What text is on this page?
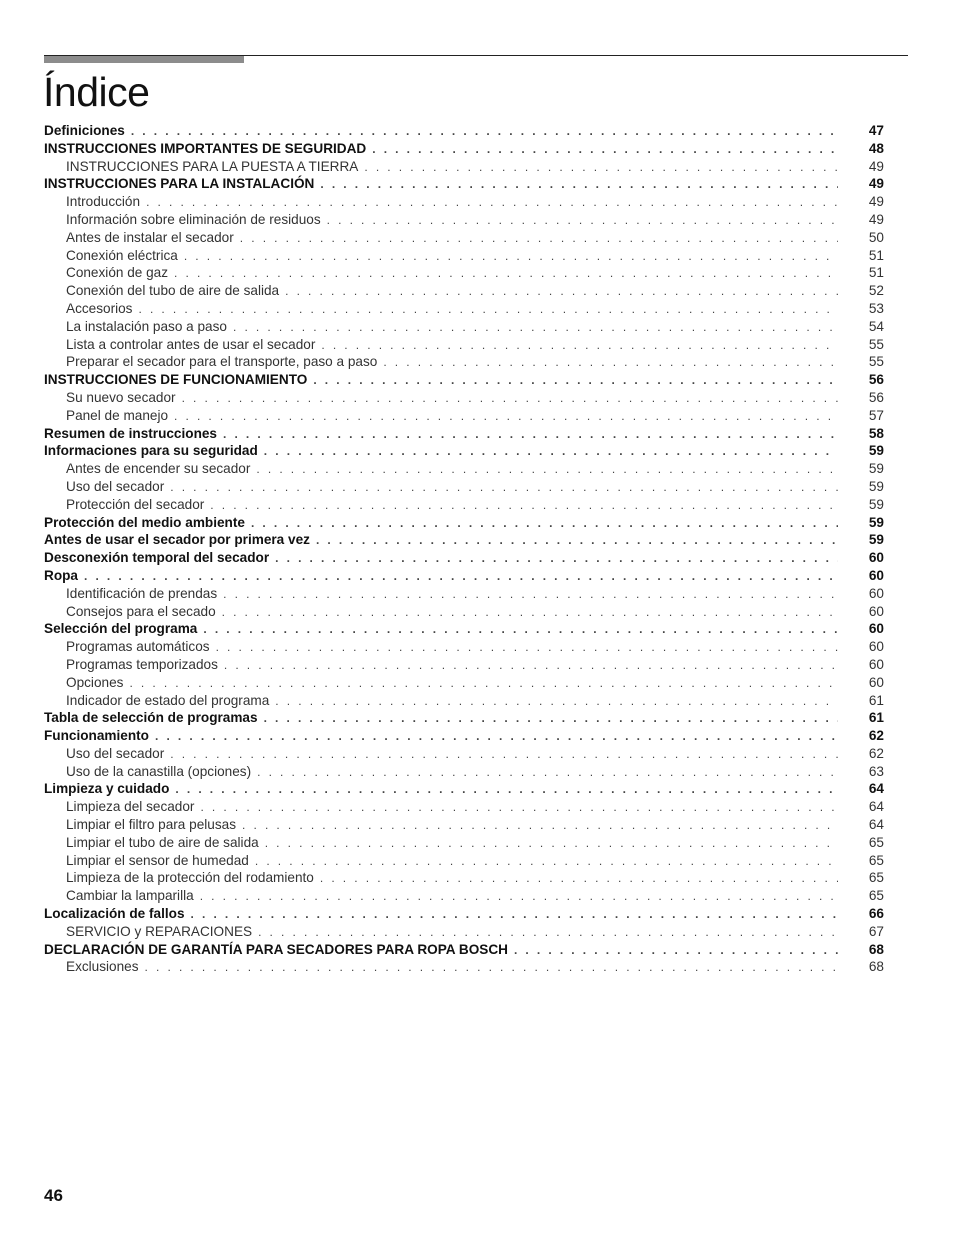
Índice
Definiciones . . .	47
INSTRUCCIONES IMPORTANTES DE SEGURIDAD . . .	48
INSTRUCCIONES PARA LA PUESTA A TIERRA . . .	49
INSTRUCCIONES PARA LA INSTALACIÓN . . .	49
Introducción . . .	49
Información sobre eliminación de residuos . . .	49
Antes de instalar el secador . . .	50
Conexión eléctrica . . .	51
Conexión de gaz . . .	51
Conexión del tubo de aire de salida . . .	52
Accesorios . . .	53
La instalación paso a paso . . .	54
Lista a controlar antes de usar el secador . . .	55
Preparar el secador para el transporte, paso a paso . . .	55
INSTRUCCIONES DE FUNCIONAMIENTO . . .	56
Su nuevo secador . . .	56
Panel de manejo . . .	57
Resumen de instrucciones . . .	58
Informaciones para su seguridad . . .	59
Antes de encender su secador . . .	59
Uso del secador . . .	59
Protección del secador . . .	59
Protección del medio ambiente . . .	59
Antes de usar el secador por primera vez . . .	59
Desconexión temporal del secador . . .	60
Ropa . . .	60
Identificación de prendas . . .	60
Consejos para el secado . . .	60
Selección del programa . . .	60
Programas automáticos . . .	60
Programas temporizados . . .	60
Opciones . . .	60
Indicador de estado del programa . . .	61
Tabla de selección de programas . . .	61
Funcionamiento . . .	62
Uso del secador . . .	62
Uso de la canastilla (opciones) . . .	63
Limpieza y cuidado . . .	64
Limpieza del secador . . .	64
Limpiar el filtro para pelusas . . .	64
Limpiar el tubo de aire de salida . . .	65
Limpiar el sensor de humedad . . .	65
Limpieza de la protección del rodamiento . . .	65
Cambiar la lamparilla . . .	65
Localización de fallos . . .	66
SERVICIO y REPARACIONES . . .	67
DECLARACIÓN DE GARANTÍA PARA SECADORES PARA ROPA BOSCH . . .	68
Exclusiones . . .	68
46
